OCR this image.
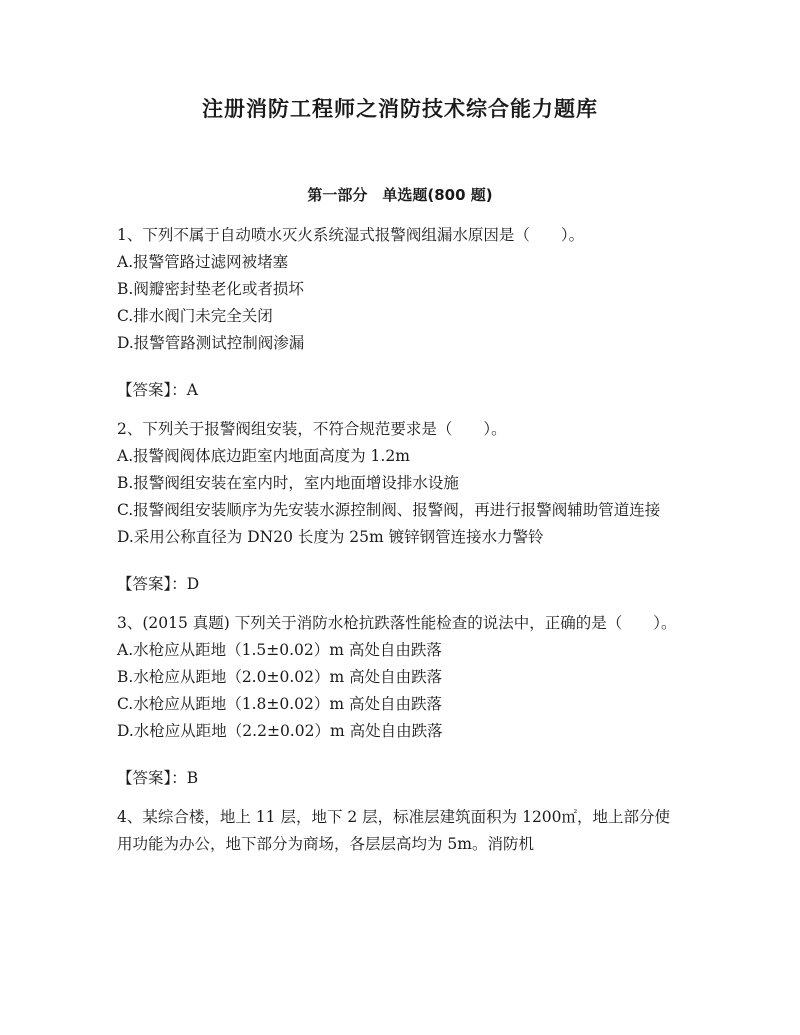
注册消防工程师之消防技术综合能力题库
第一部分　单选题(800 题)

1、下列不属于自动喷水灭火系统湿式报警阀组漏水原因是（　　）。

A.报警管路过滤网被堵塞

B.阀瓣密封垫老化或者损坏

C.排水阀门未完全关闭

D.报警管路测试控制阀渗漏

【答案】：A

2、下列关于报警阀组安装，不符合规范要求是（　　）。

A.报警阀阀体底边距室内地面高度为 1.2m

B.报警阀组安装在室内时，室内地面增设排水设施

C.报警阀组安装顺序为先安装水源控制阀、报警阀，再进行报警阀辅助管道连接

D.采用公称直径为 DN20 长度为 25m 镀锌钢管连接水力警铃

【答案】：D

3、(2015 真题) 下列关于消防水枪抗跌落性能检查的说法中，正确的是（　　）。

A.水枪应从距地（1.5±0.02）m 高处自由跌落

B.水枪应从距地（2.0±0.02）m 高处自由跌落

C.水枪应从距地（1.8±0.02）m 高处自由跌落

D.水枪应从距地（2.2±0.02）m 高处自由跌落

【答案】：B

4、某综合楼，地上 11 层，地下 2 层，标准层建筑面积为 1200㎡，地上部分使用功能为办公，地下部分为商场，各层层高均为 5m。消防机
